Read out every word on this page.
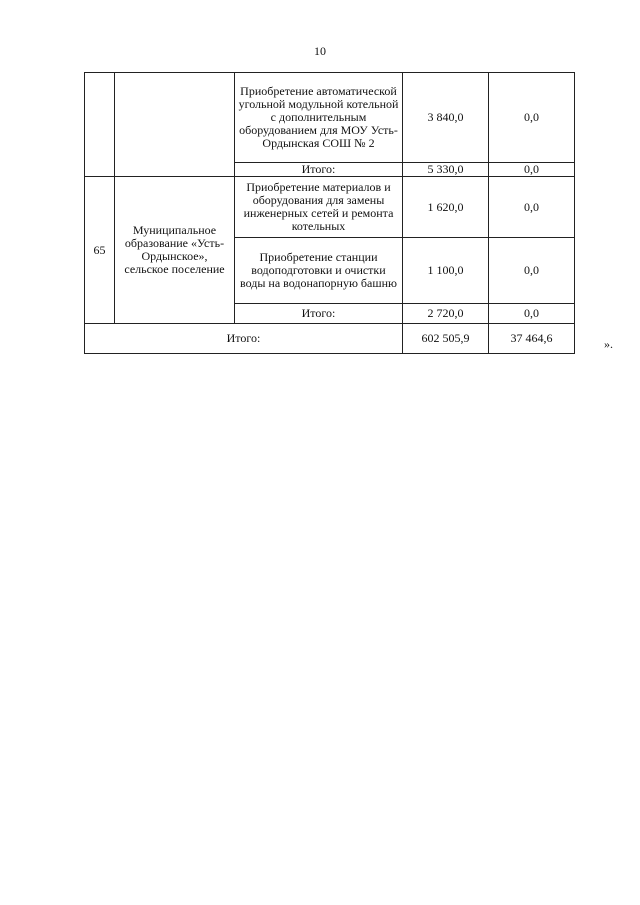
10
		Приобретение автоматической угольной модульной котельной с дополнительным оборудованием для МОУ Усть-Ордынская СОШ № 2	3 840,0	0,0
		Итого:	5 330,0	0,0
65	Муниципальное образование «Усть-Ордынское», сельское поселение	Приобретение материалов и оборудования для замены инженерных сетей и ремонта котельных	1 620,0	0,0
		Приобретение станции водоподготовки и очистки воды на водонапорную башню	1 100,0	0,0
		Итого:	2 720,0	0,0
Итого:			602 505,9	37 464,6	».
